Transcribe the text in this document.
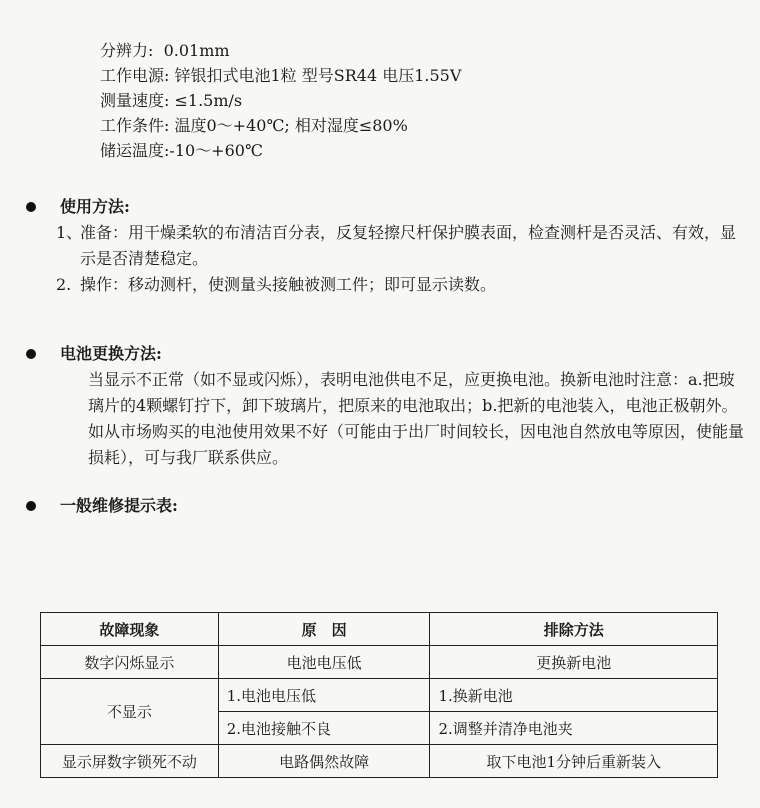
分辨力: 0.01mm
工作电源: 锌银扣式电池1粒 型号SR44 电压1.55V
测量速度: ≤1.5m/s
工作条件: 温度0～+40℃; 相对湿度≤80%
储运温度:-10～+60℃
使用方法:
1、
准备：用干燥柔软的布清洁百分表，反复轻擦尺杆保护膜表面，检查测杆是否灵活、有效，显示是否清楚稳定。
2. 操作：移动测杆，使测量头接触被测工件；即可显示读数。
电池更换方法:
当显示不正常（如不显或闪烁），表明电池供电不足，应更换电池。换新电池时注意：a.把玻璃片的4颗螺钉拧下，卸下玻璃片，把原来的电池取出；b.把新的电池装入，电池正极朝外。如从市场购买的电池使用效果不好（可能由于出厂时间较长，因电池自然放电等原因，使能量损耗），可与我厂联系供应。
一般维修提示表:
故障现象	原　因	排除方法
数字闪烁显示	电池电压低	更换新电池
不显示	1.电池电压低	1.换新电池
	2.电池接触不良	2.调整并清净电池夹
显示屏数字锁死不动	电路偶然故障	取下电池1分钟后重新装入
